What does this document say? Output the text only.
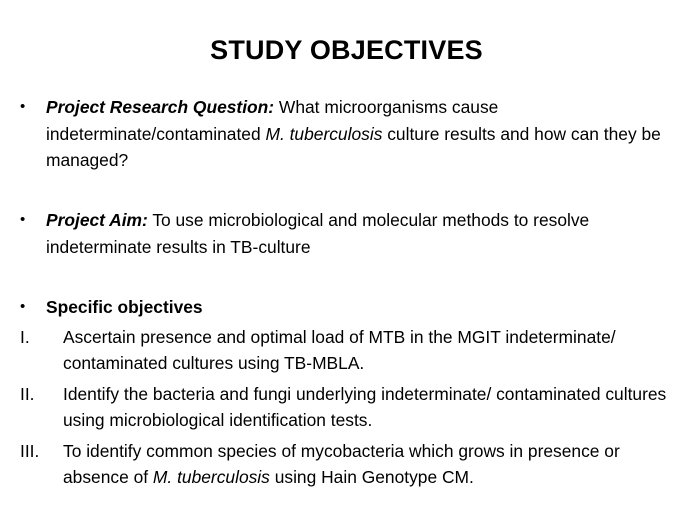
STUDY OBJECTIVES
•	Project Research Question: What microorganisms cause indeterminate/contaminated M. tuberculosis culture results and how can they be managed?
•	Project Aim: To use microbiological and molecular methods to resolve indeterminate results in TB-culture
•	Specific objectives
I.	Ascertain presence and optimal load of MTB in the MGIT indeterminate/ contaminated cultures using TB-MBLA.
II.	Identify the bacteria and fungi underlying indeterminate/ contaminated cultures using microbiological identification tests.
III.	To identify common species of mycobacteria which grows in presence or absence of M. tuberculosis using Hain Genotype CM.
